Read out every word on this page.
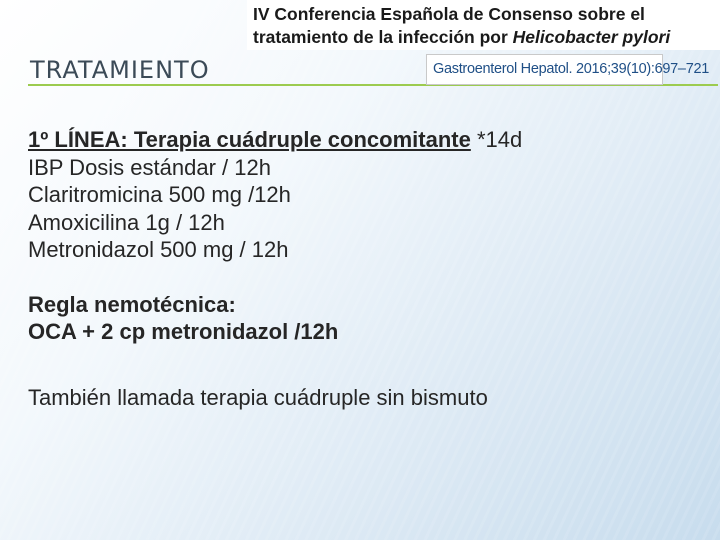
IV Conferencia Española de Consenso sobre el
tratamiento de la infección por Helicobacter pylori
TRATAMIENTO	Gastroenterol Hepatol. 2016;39(10):697–721

1º LÍNEA: Terapia cuádruple concomitante *14d

IBP Dosis estándar / 12h

Claritromicina 500 mg /12h

Amoxicilina 1g / 12h

Metronidazol 500 mg / 12h

Regla nemotécnica:

OCA + 2 cp metronidazol /12h

También llamada terapia cuádruple sin bismuto
